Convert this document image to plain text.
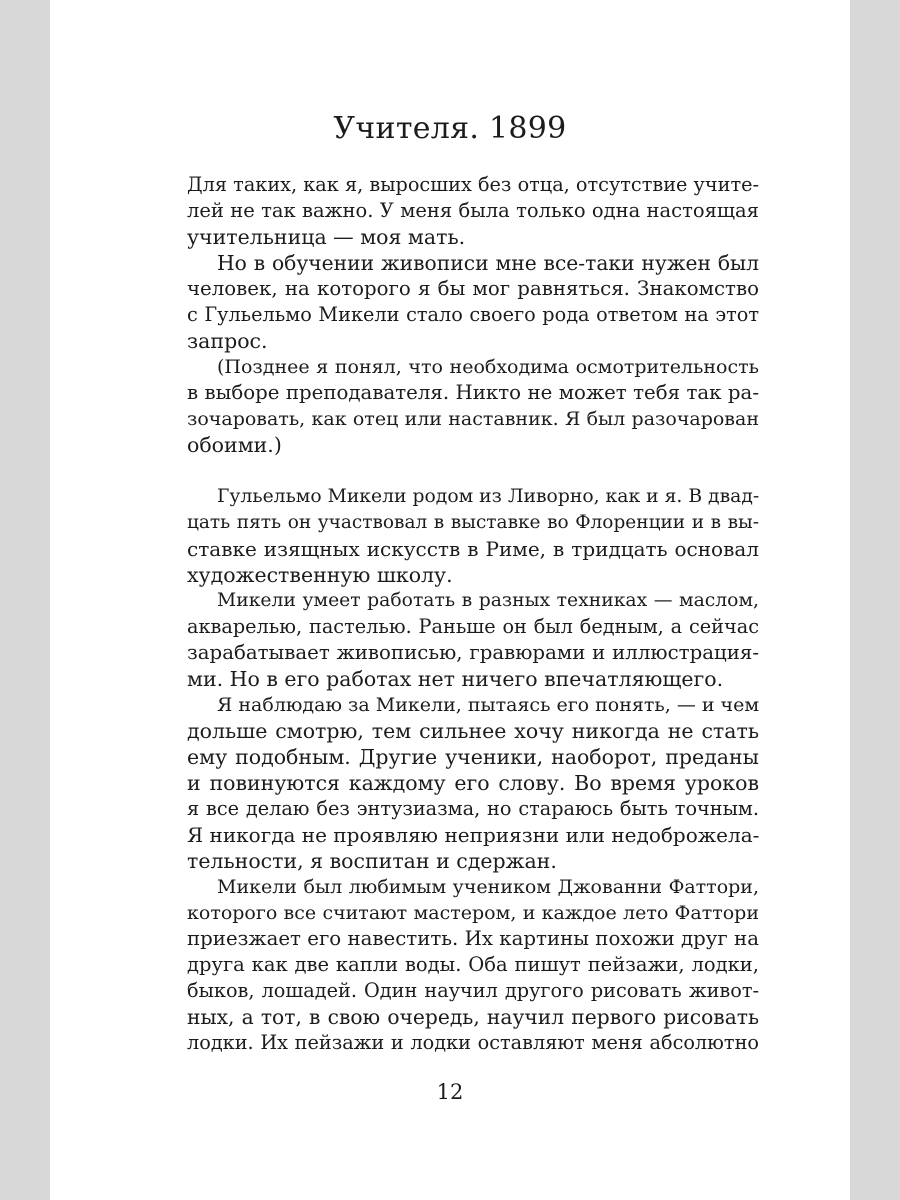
Учителя. 1899
Для таких, как я, выросших без отца, отсутствие учите-
лей не так важно. У меня была только одна настоящая
учительница — моя мать.
Но в обучении живописи мне все-таки нужен был
человек, на которого я бы мог равняться. Знакомство
с Гульельмо Микели стало своего рода ответом на этот
запрос.
(Позднее я понял, что необходима осмотрительность
в выборе преподавателя. Никто не может тебя так ра-
зочаровать, как отец или наставник. Я был разочарован
обоими.)
Гульельмо Микели родом из Ливорно, как и я. В двад-
цать пять он участвовал в выставке во Флоренции и в вы-
ставке изящных искусств в Риме, в тридцать основал
художественную школу.
Микели умеет работать в разных техниках — маслом,
акварелью, пастелью. Раньше он был бедным, а сейчас
зарабатывает живописью, гравюрами и иллюстрация-
ми. Но в его работах нет ничего впечатляющего.
Я наблюдаю за Микели, пытаясь его понять, — и чем
дольше смотрю, тем сильнее хочу никогда не стать
ему подобным. Другие ученики, наоборот, преданы
и повинуются каждому его слову. Во время уроков
я все делаю без энтузиазма, но стараюсь быть точным.
Я никогда не проявляю неприязни или недоброжела-
тельности, я воспитан и сдержан.
Микели был любимым учеником Джованни Фаттори,
которого все считают мастером, и каждое лето Фаттори
приезжает его навестить. Их картины похожи друг на
друга как две капли воды. Оба пишут пейзажи, лодки,
быков, лошадей. Один научил другого рисовать живот-
ных, а тот, в свою очередь, научил первого рисовать
лодки. Их пейзажи и лодки оставляют меня абсолютно
12
